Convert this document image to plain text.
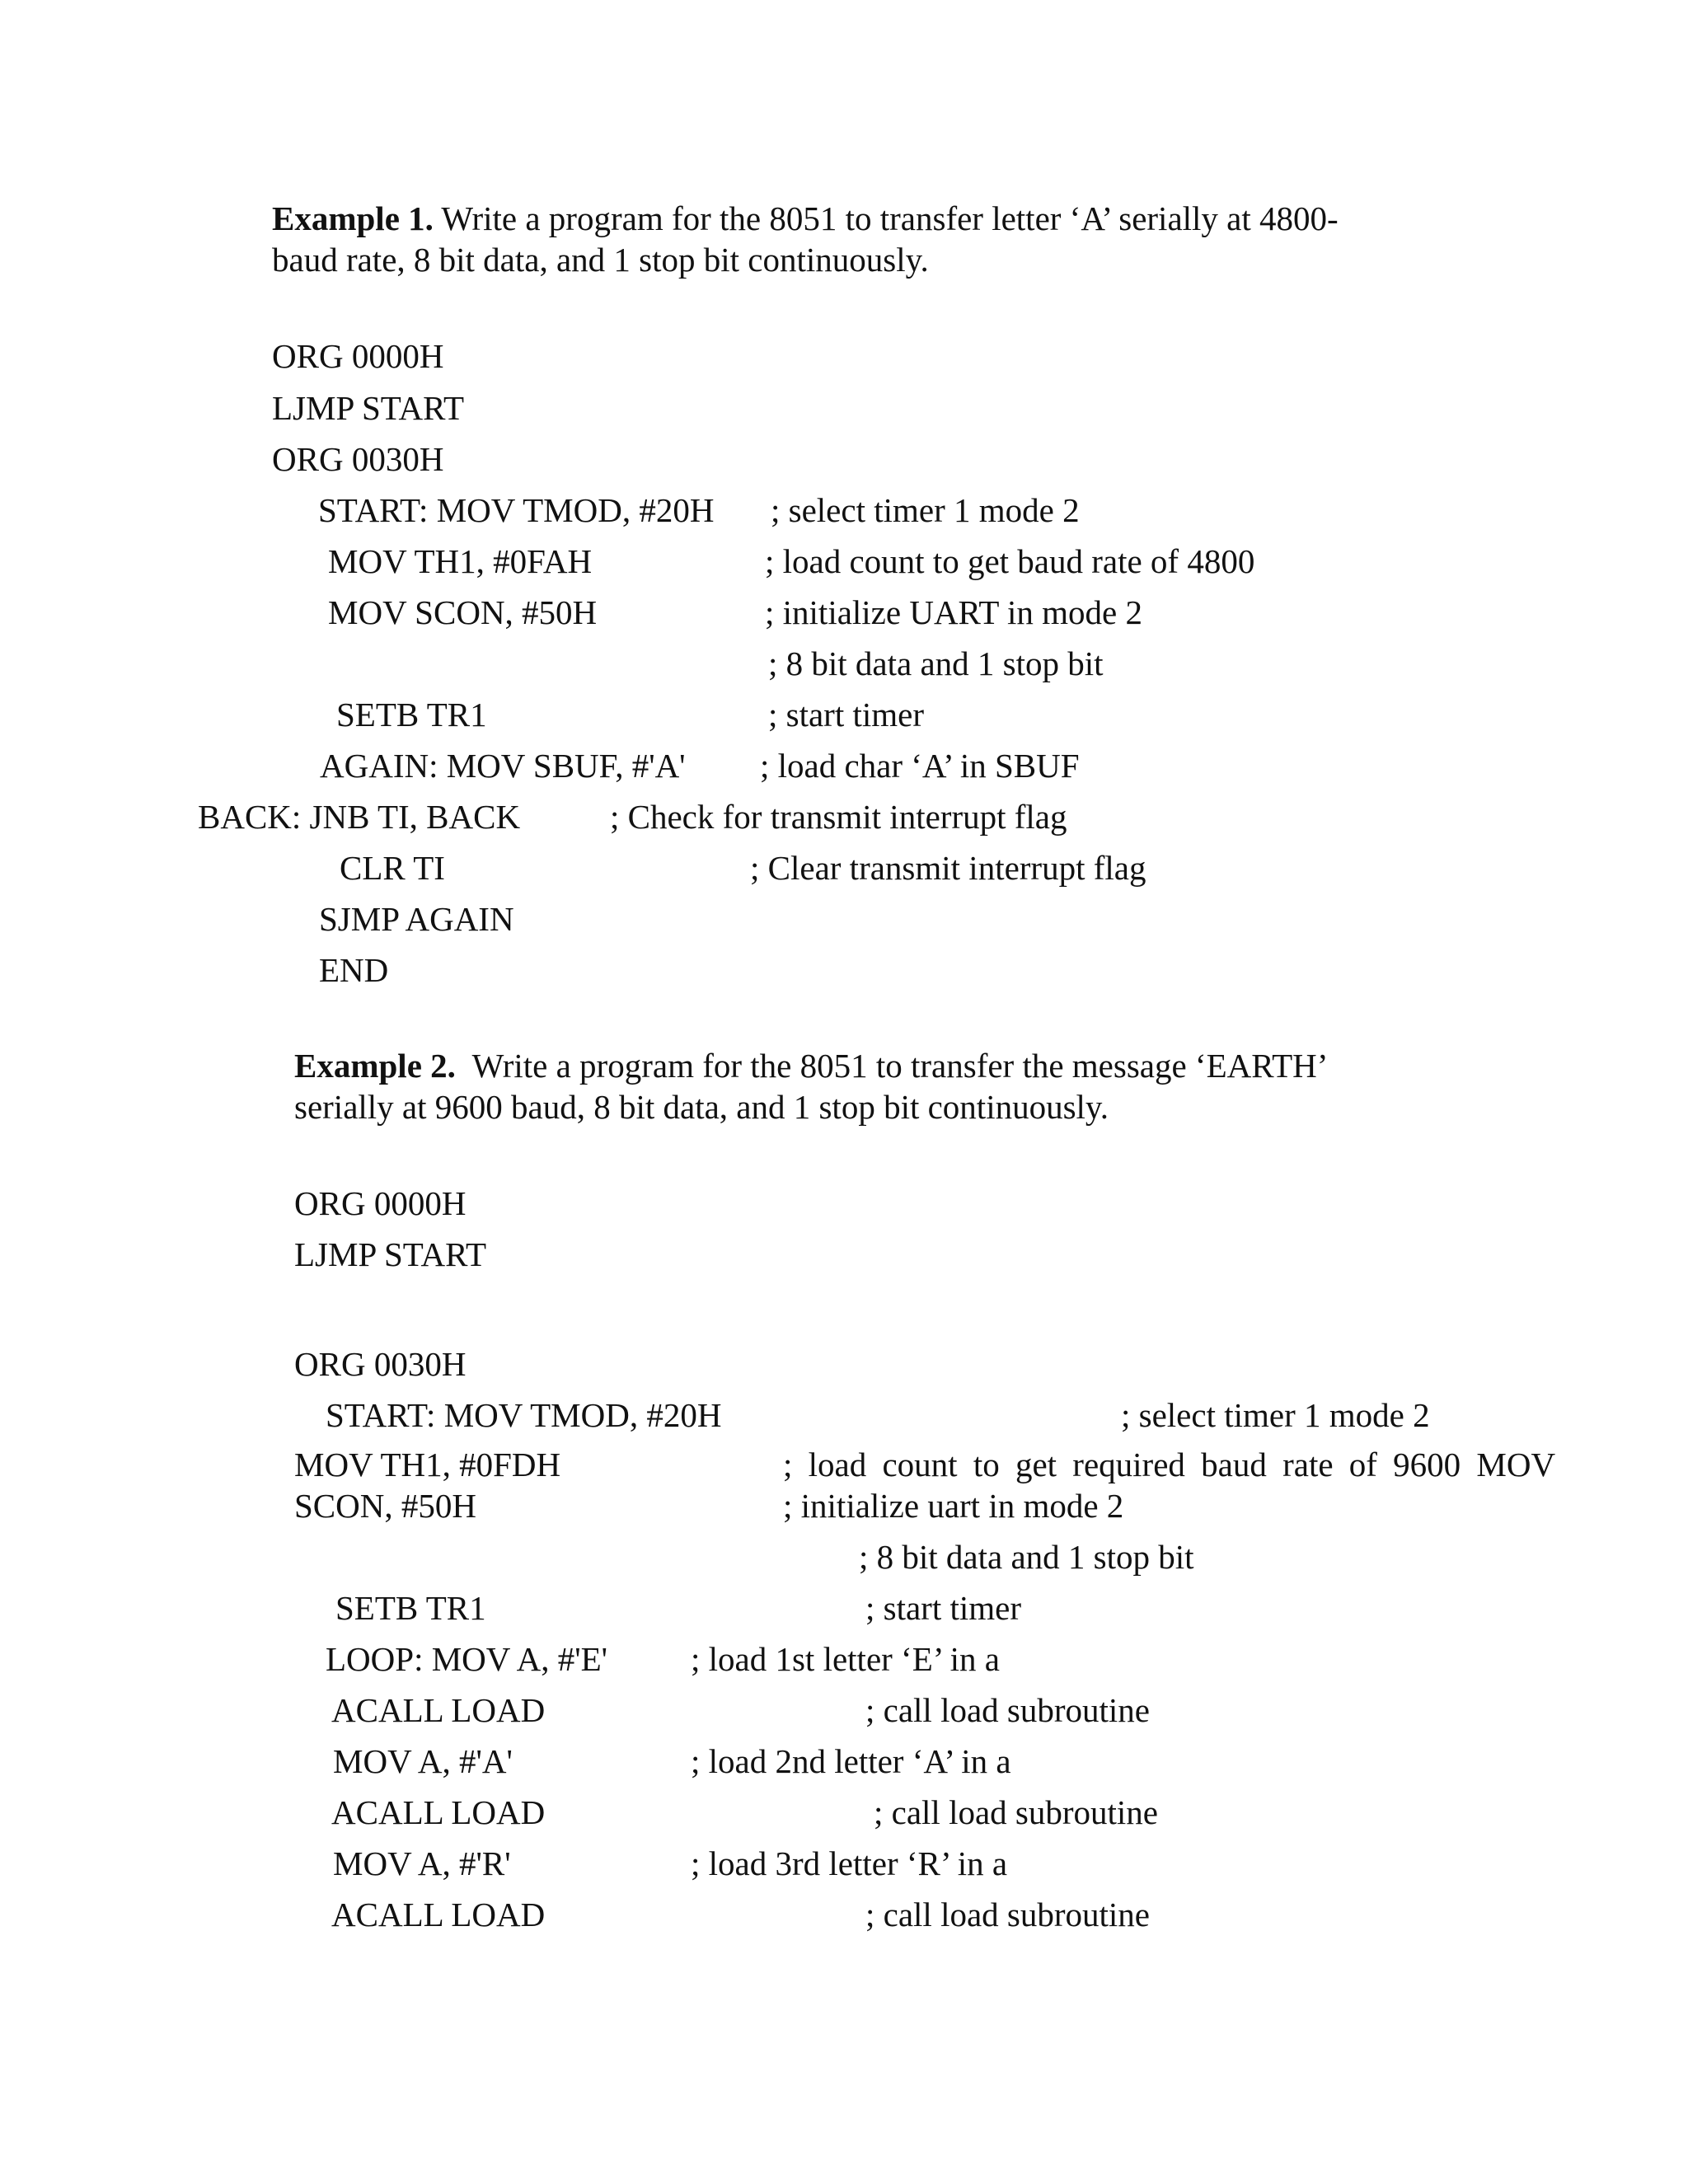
Example 1. Write a program for the 8051 to transfer letter ‘A’ serially at 4800-
baud rate, 8 bit data, and 1 stop bit continuously.
ORG 0000H
LJMP START
ORG 0030H
START: MOV TMOD, #20H ; select timer 1 mode 2
MOV TH1, #0FAH	; load count to get baud rate of 4800
MOV SCON, #50H	; initialize UART in mode 2
; 8 bit data and 1 stop bit
SETB TR1	; start timer
AGAIN: MOV SBUF, #'A' ; load char ‘A’ in SBUF
BACK: JNB TI, BACK	; Check for transmit interrupt flag
CLR TI	; Clear transmit interrupt flag
SJMP AGAIN
END
Example 2. Write a program for the 8051 to transfer the message ‘EARTH’
serially at 9600 baud, 8 bit data, and 1 stop bit continuously.
ORG 0000H
LJMP START
ORG 0030H
START: MOV TMOD, #20H	; select timer 1 mode 2
MOV TH1, #0FDH	; load count to get required baud rate of 9600 MOV
SCON, #50H	; initialize uart in mode 2
; 8 bit data and 1 stop bit
SETB TR1	; start timer
LOOP: MOV A, #'E' ; load 1st letter ‘E’ in a
ACALL LOAD	; call load subroutine
MOV A, #'A'	; load 2nd letter ‘A’ in a
ACALL LOAD	; call load subroutine
MOV A, #'R'	; load 3rd letter ‘R’ in a
ACALL LOAD	; call load subroutine
